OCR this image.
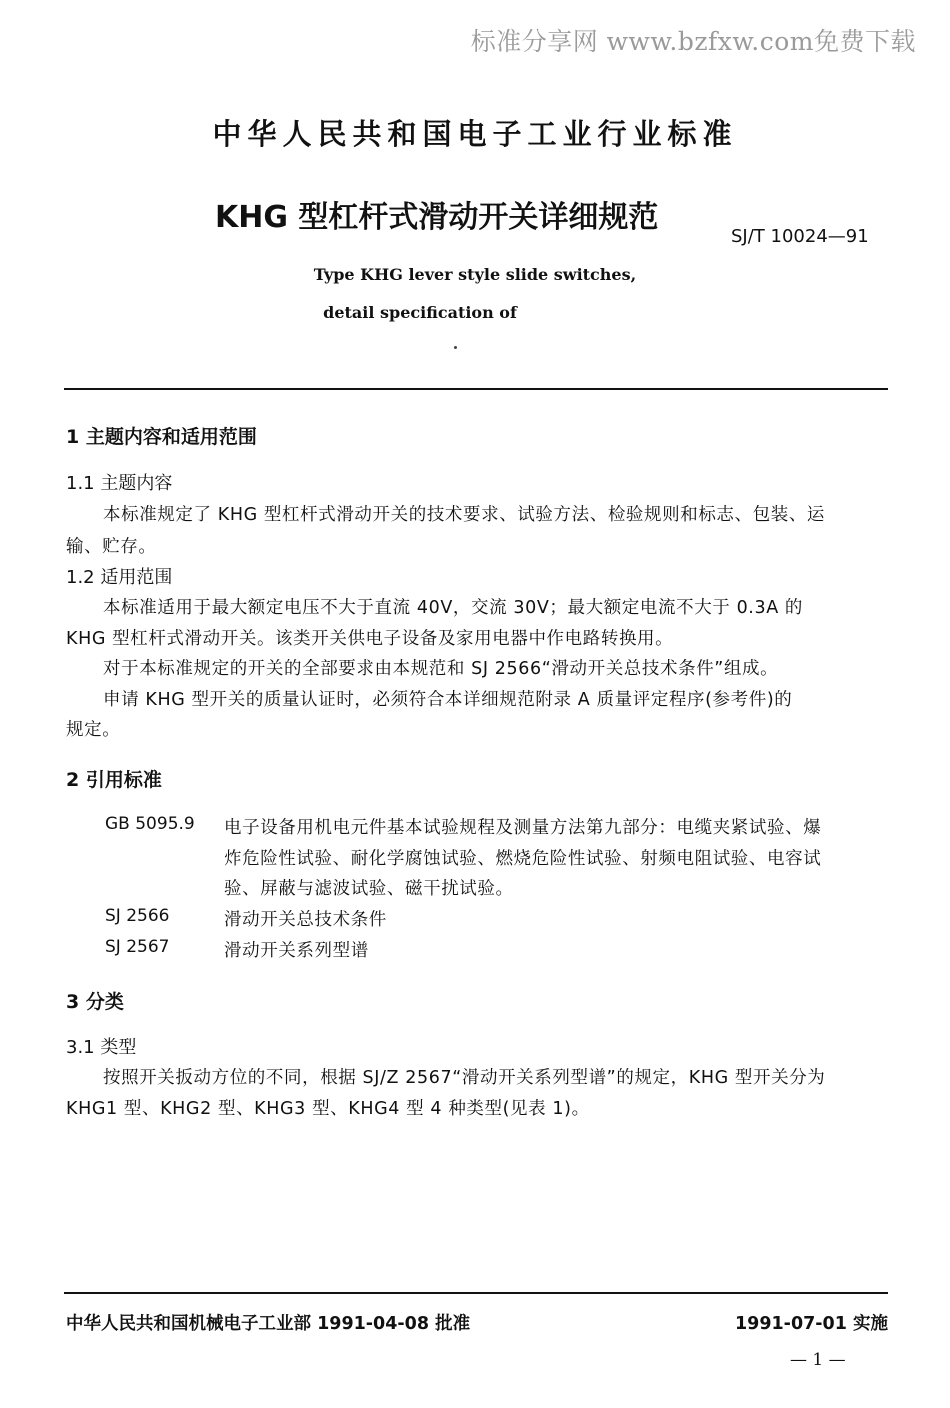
标准分享网 www.bzfxw.com免费下载
中华人民共和国电子工业行业标准
KHG 型杠杆式滑动开关详细规范
SJ/T 10024—91
Type KHG lever style slide switches,
detail specification of
1 主题内容和适用范围
1.1 主题内容
本标准规定了 KHG 型杠杆式滑动开关的技术要求、试验方法、检验规则和标志、包装、运
输、贮存。
1.2 适用范围
本标准适用于最大额定电压不大于直流 40V，交流 30V；最大额定电流不大于 0.3A 的
KHG 型杠杆式滑动开关。该类开关供电子设备及家用电器中作电路转换用。
对于本标准规定的开关的全部要求由本规范和 SJ 2566“滑动开关总技术条件”组成。
申请 KHG 型开关的质量认证时，必须符合本详细规范附录 A 质量评定程序(参考件)的
规定。
2 引用标准
GB 5095.9 电子设备用机电元件基本试验规程及测量方法第九部分：电缆夹紧试验、爆
炸危险性试验、耐化学腐蚀试验、燃烧危险性试验、射频电阻试验、电容试
验、屏蔽与滤波试验、磁干扰试验。
SJ 2566	滑动开关总技术条件
SJ 2567	滑动开关系列型谱
3 分类
3.1 类型
按照开关扳动方位的不同，根据 SJ/Z 2567“滑动开关系列型谱”的规定，KHG 型开关分为
KHG1 型、KHG2 型、KHG3 型、KHG4 型 4 种类型(见表 1)。
中华人民共和国机械电子工业部 1991-04-08 批准	1991-07-01 实施
— 1 —
